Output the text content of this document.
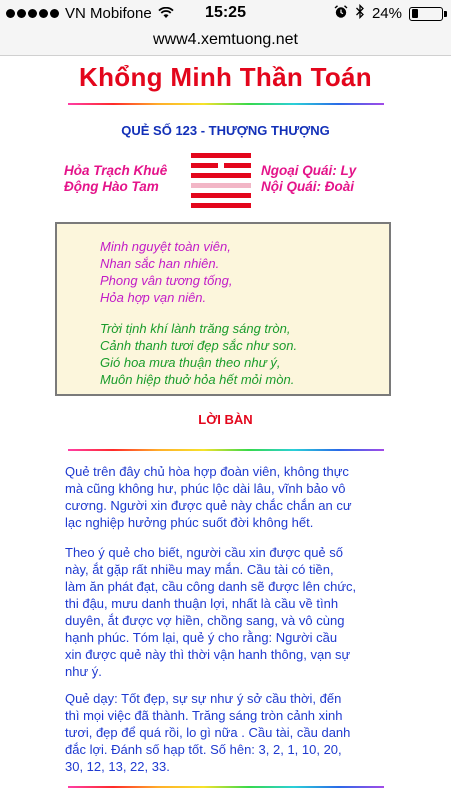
VN Mobifone	15:25	24%
www4.xemtuong.net
Khổng Minh Thần Toán
QUẺ SỐ 123 - THƯỢNG THƯỢNG
Hỏa Trạch Khuê
Động Hào Tam
Ngoại Quái: Ly
Nội Quái: Đoài
Minh nguyệt toàn viên,
Nhan sắc han nhiên.
Phong vân tương tống,
Hỏa hợp vạn niên.
Trời tịnh khí lành trăng sáng tròn,
Cảnh thanh tươi đẹp sắc như son.
Gió hoa mưa thuận theo như ý,
Muôn hiệp thuở hỏa hết mỏi mòn.
LỜI BÀN
Quẻ trên đây chủ hòa hợp đoàn viên, không thực
mà cũng không hư, phúc lộc dài lâu, vĩnh bảo vô
cương. Người xin được quẻ này chắc chắn an cư
lạc nghiệp hưởng phúc suốt đời không hết.
Theo ý quẻ cho biết, người cầu xin được quẻ số
này, ắt gặp rất nhiều may mắn. Cầu tài có tiền,
làm ăn phát đạt, cầu công danh sẽ được lên chức,
thi đậu, mưu danh thuận lợi, nhất là cầu về tình
duyên, ắt được vợ hiền, chồng sang, và vô cùng
hạnh phúc. Tóm lại, quẻ ý cho rằng: Người cầu
xin được quẻ này thì thời vận hanh thông, vạn sự
như ý.
Quẻ dạy: Tốt đẹp, sự sự như ý sở cầu thời, đến
thì mọi việc đã thành. Trăng sáng tròn cảnh xinh
tươi, đẹp để quá rồi, lo gì nữa . Cầu tài, cầu danh
đắc lợi. Đánh số hạp tốt. Số hên: 3, 2, 1, 10, 20,
30, 12, 13, 22, 33.
